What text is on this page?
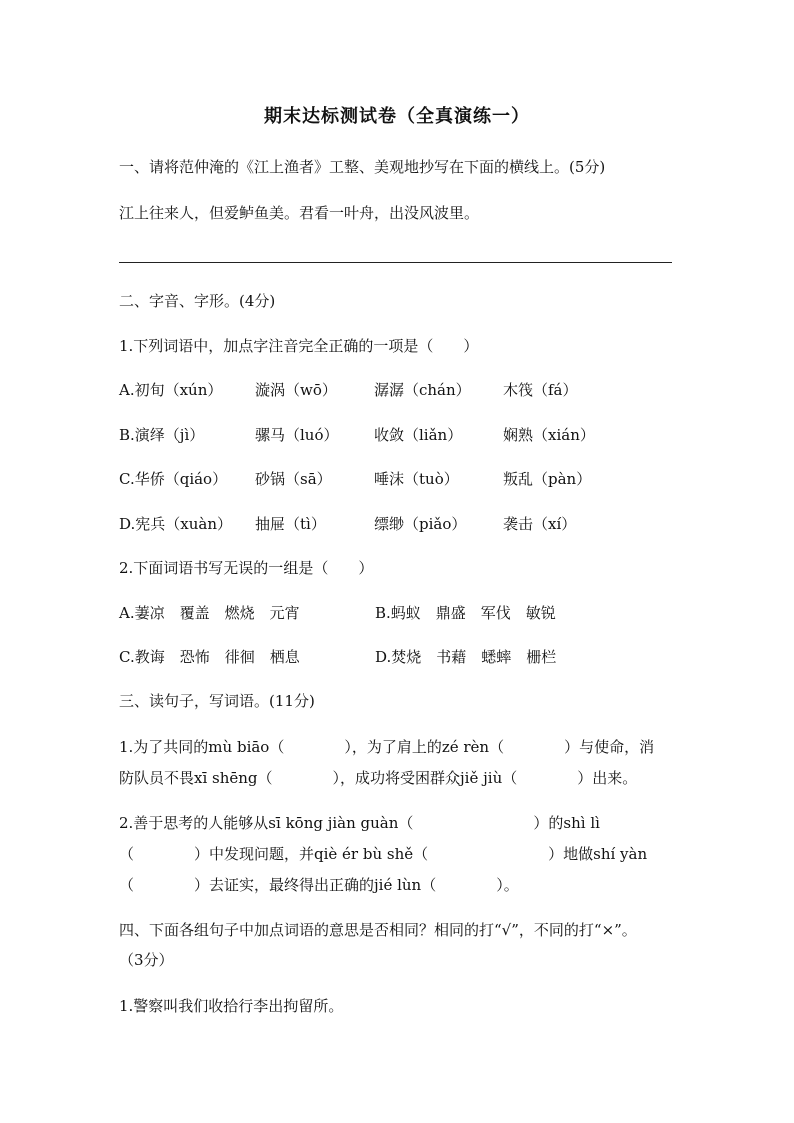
期末达标测试卷（全真演练一）
一、请将范仲淹的《江上渔者》工整、美观地抄写在下面的横线上。(5分)
江上往来人，但爱鲈鱼美。君看一叶舟，出没风波里。
二、字音、字形。(4分)
1.下列词语中，加点字注音完全正确的一项是（　　）
A.初旬（xún） 漩涡（wō） 潺潺（chán） 木筏（fá）
B.演绎（jì）	骡马（luó） 收敛（liǎn）	娴熟（xián）
C.华侨（qiáo） 砂锅（sā）	唾沫（tuò）	叛乱（pàn）
D.宪兵（xuàn） 抽屉（tì）	缥缈（piǎo） 袭击（xí）
2.下面词语书写无误的一组是（　　）
A.萋凉　覆盖　燃烧　元宵	B.蚂蚁　鼎盛　军伐　敏锐
C.教诲　恐怖　徘徊　栖息	D.焚烧　书藉　蟋蟀　栅栏
三、读句子，写词语。(11分)
1.为了共同的mù biāo（　　　　），为了肩上的zé rèn（　　　　）与使命，消
防队员不畏xī shēng（　　　　），成功将受困群众jiě jiù（　　　　）出来。
2.善于思考的人能够从sī kōng jiàn guàn（　　　　　　　　）的shì lì
（　　　　）中发现问题，并qiè ér bù shě（　　　　　　　　）地做shí yàn
（　　　　）去证实，最终得出正确的jié lùn（　　　　）。
四、下面各组句子中加点词语的意思是否相同？相同的打“√”，不同的打“×”。
（3分）
1.警察叫我们收拾行李出拘留所。
